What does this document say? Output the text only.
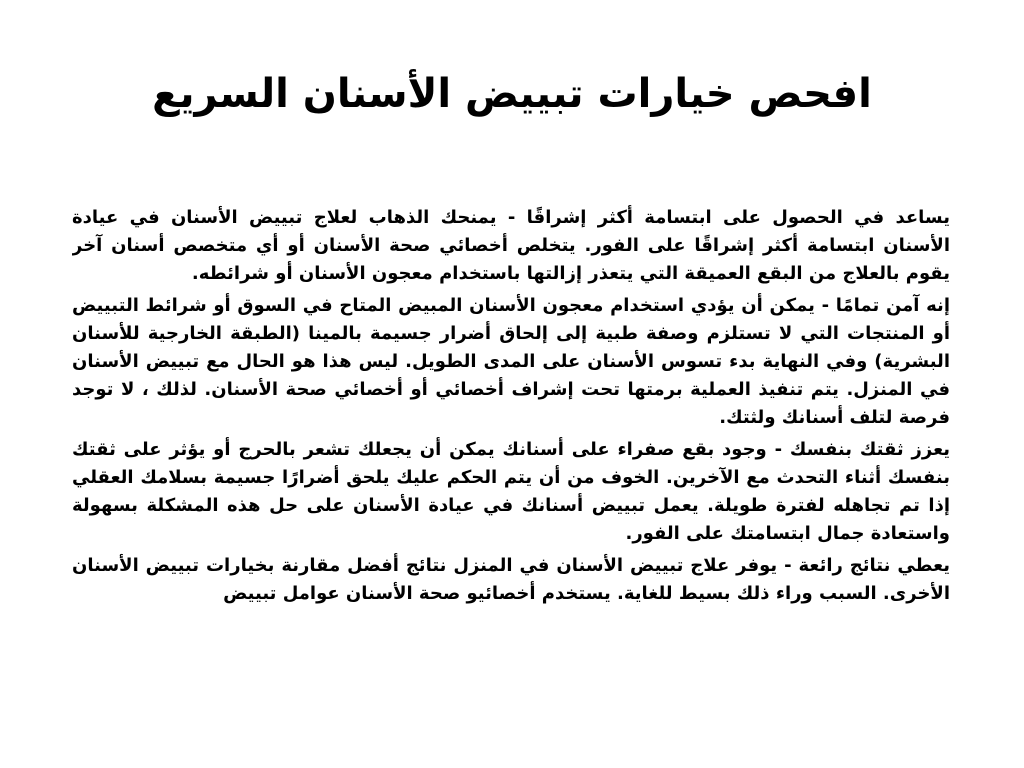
افحص خيارات تبييض الأسنان السريع

يساعد في الحصول على ابتسامة أكثر إشراقًا - يمنحك الذهاب لعلاج تبييض الأسنان في عيادة الأسنان ابتسامة أكثر إشراقًا على الفور. يتخلص أخصائي صحة الأسنان أو أي متخصص أسنان آخر يقوم بالعلاج من البقع العميقة التي يتعذر إزالتها باستخدام معجون الأسنان أو شرائطه.

إنه آمن تمامًا - يمكن أن يؤدي استخدام معجون الأسنان المبيض المتاح في السوق أو شرائط التبييض أو المنتجات التي لا تستلزم وصفة طبية إلى إلحاق أضرار جسيمة بالمينا (الطبقة الخارجية للأسنان البشرية) وفي النهاية بدء تسوس الأسنان على المدى الطويل. ليس هذا هو الحال مع تبييض الأسنان في المنزل. يتم تنفيذ العملية برمتها تحت إشراف أخصائي أو أخصائي صحة الأسنان. لذلك ، لا توجد فرصة لتلف أسنانك ولثتك.

يعزز ثقتك بنفسك - وجود بقع صفراء على أسنانك يمكن أن يجعلك تشعر بالحرج أو يؤثر على ثقتك بنفسك أثناء التحدث مع الآخرين. الخوف من أن يتم الحكم عليك يلحق أضرارًا جسيمة بسلامك العقلي إذا تم تجاهله لفترة طويلة. يعمل تبييض أسنانك في عيادة الأسنان على حل هذه المشكلة بسهولة واستعادة جمال ابتسامتك على الفور.

يعطي نتائج رائعة - يوفر علاج تبييض الأسنان في المنزل نتائج أفضل مقارنة بخيارات تبييض الأسنان الأخرى. السبب وراء ذلك بسيط للغاية. يستخدم أخصائيو صحة الأسنان عوامل تبييض
